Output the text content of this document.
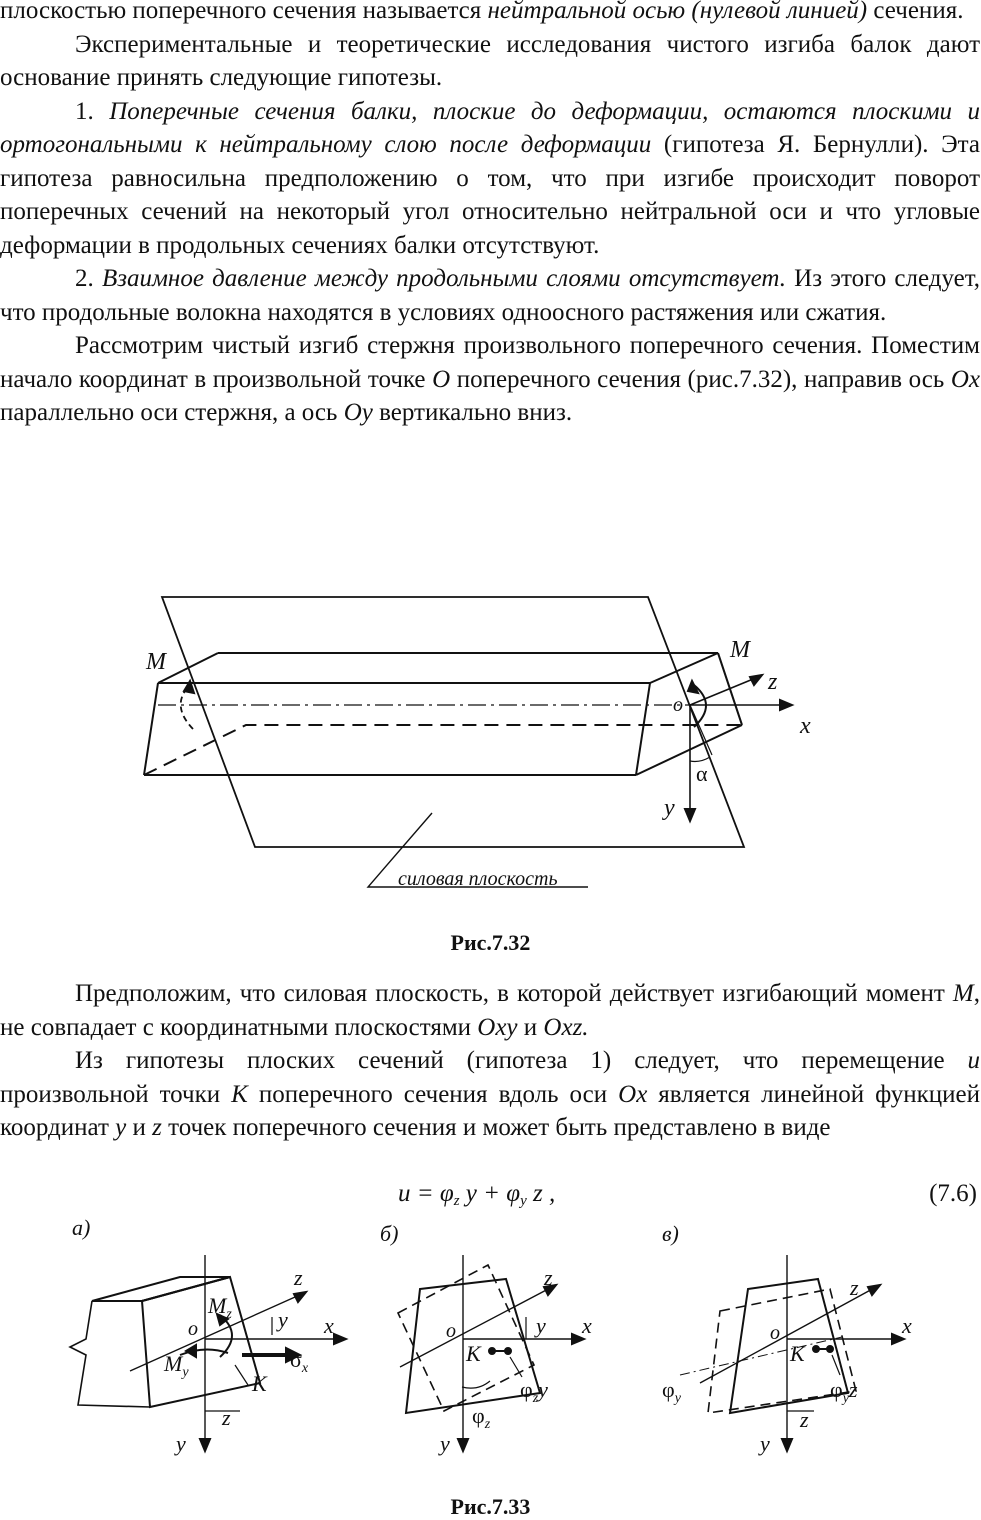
плоскостью поперечного сечения называется нейтральной осью (нулевой линией) сечения.

Экспериментальные и теоретические исследования чистого изгиба балок дают основание принять следующие гипотезы.

1. Поперечные сечения балки, плоские до деформации, остаются плоскими и ортогональными к нейтральному слою после деформации (гипотеза Я. Бернулли). Эта гипотеза равносильна предположению о том, что при изгибе происходит поворот поперечных сечений на некоторый угол относительно нейтральной оси и что угловые деформации в продольных сечениях балки отсутствуют.

2. Взаимное давление между продольными слоями отсутствует. Из этого следует, что продольные волокна находятся в условиях одноосного растяжения или сжатия.

Рассмотрим чистый изгиб стержня произвольного поперечного сечения. Поместим начало координат в произвольной точке O поперечного сечения (рис.7.32), направив ось Ox параллельно оси стержня, а ось Oy вертикально вниз.

M	M
z
o
x
α
y
силовая плоскость
Рис.7.32

Предположим, что силовая плоскость, в которой действует изгибающий момент M, не совпадает с координатными плоскостями Oxy и Oxz.

Из гипотезы плоских сечений (гипотеза 1) следует, что перемещение u произвольной точки K поперечного сечения вдоль оси Ox является линейной функцией координат y и z точек поперечного сечения и может быть представлено в виде

$u = \varphi_z$ $y + \varphi_y$ z ,	(7.6)
а)
z
x
y
y
z
o
K
$M_z$
$M_y$
$\sigma_x$
б)
z
x
y
y
o
K
$\varphi_zy$
$\varphi_z$
в)
z
x
y
z
o
K
$\varphi_y$	$\varphi_yz$
Рис.7.33
